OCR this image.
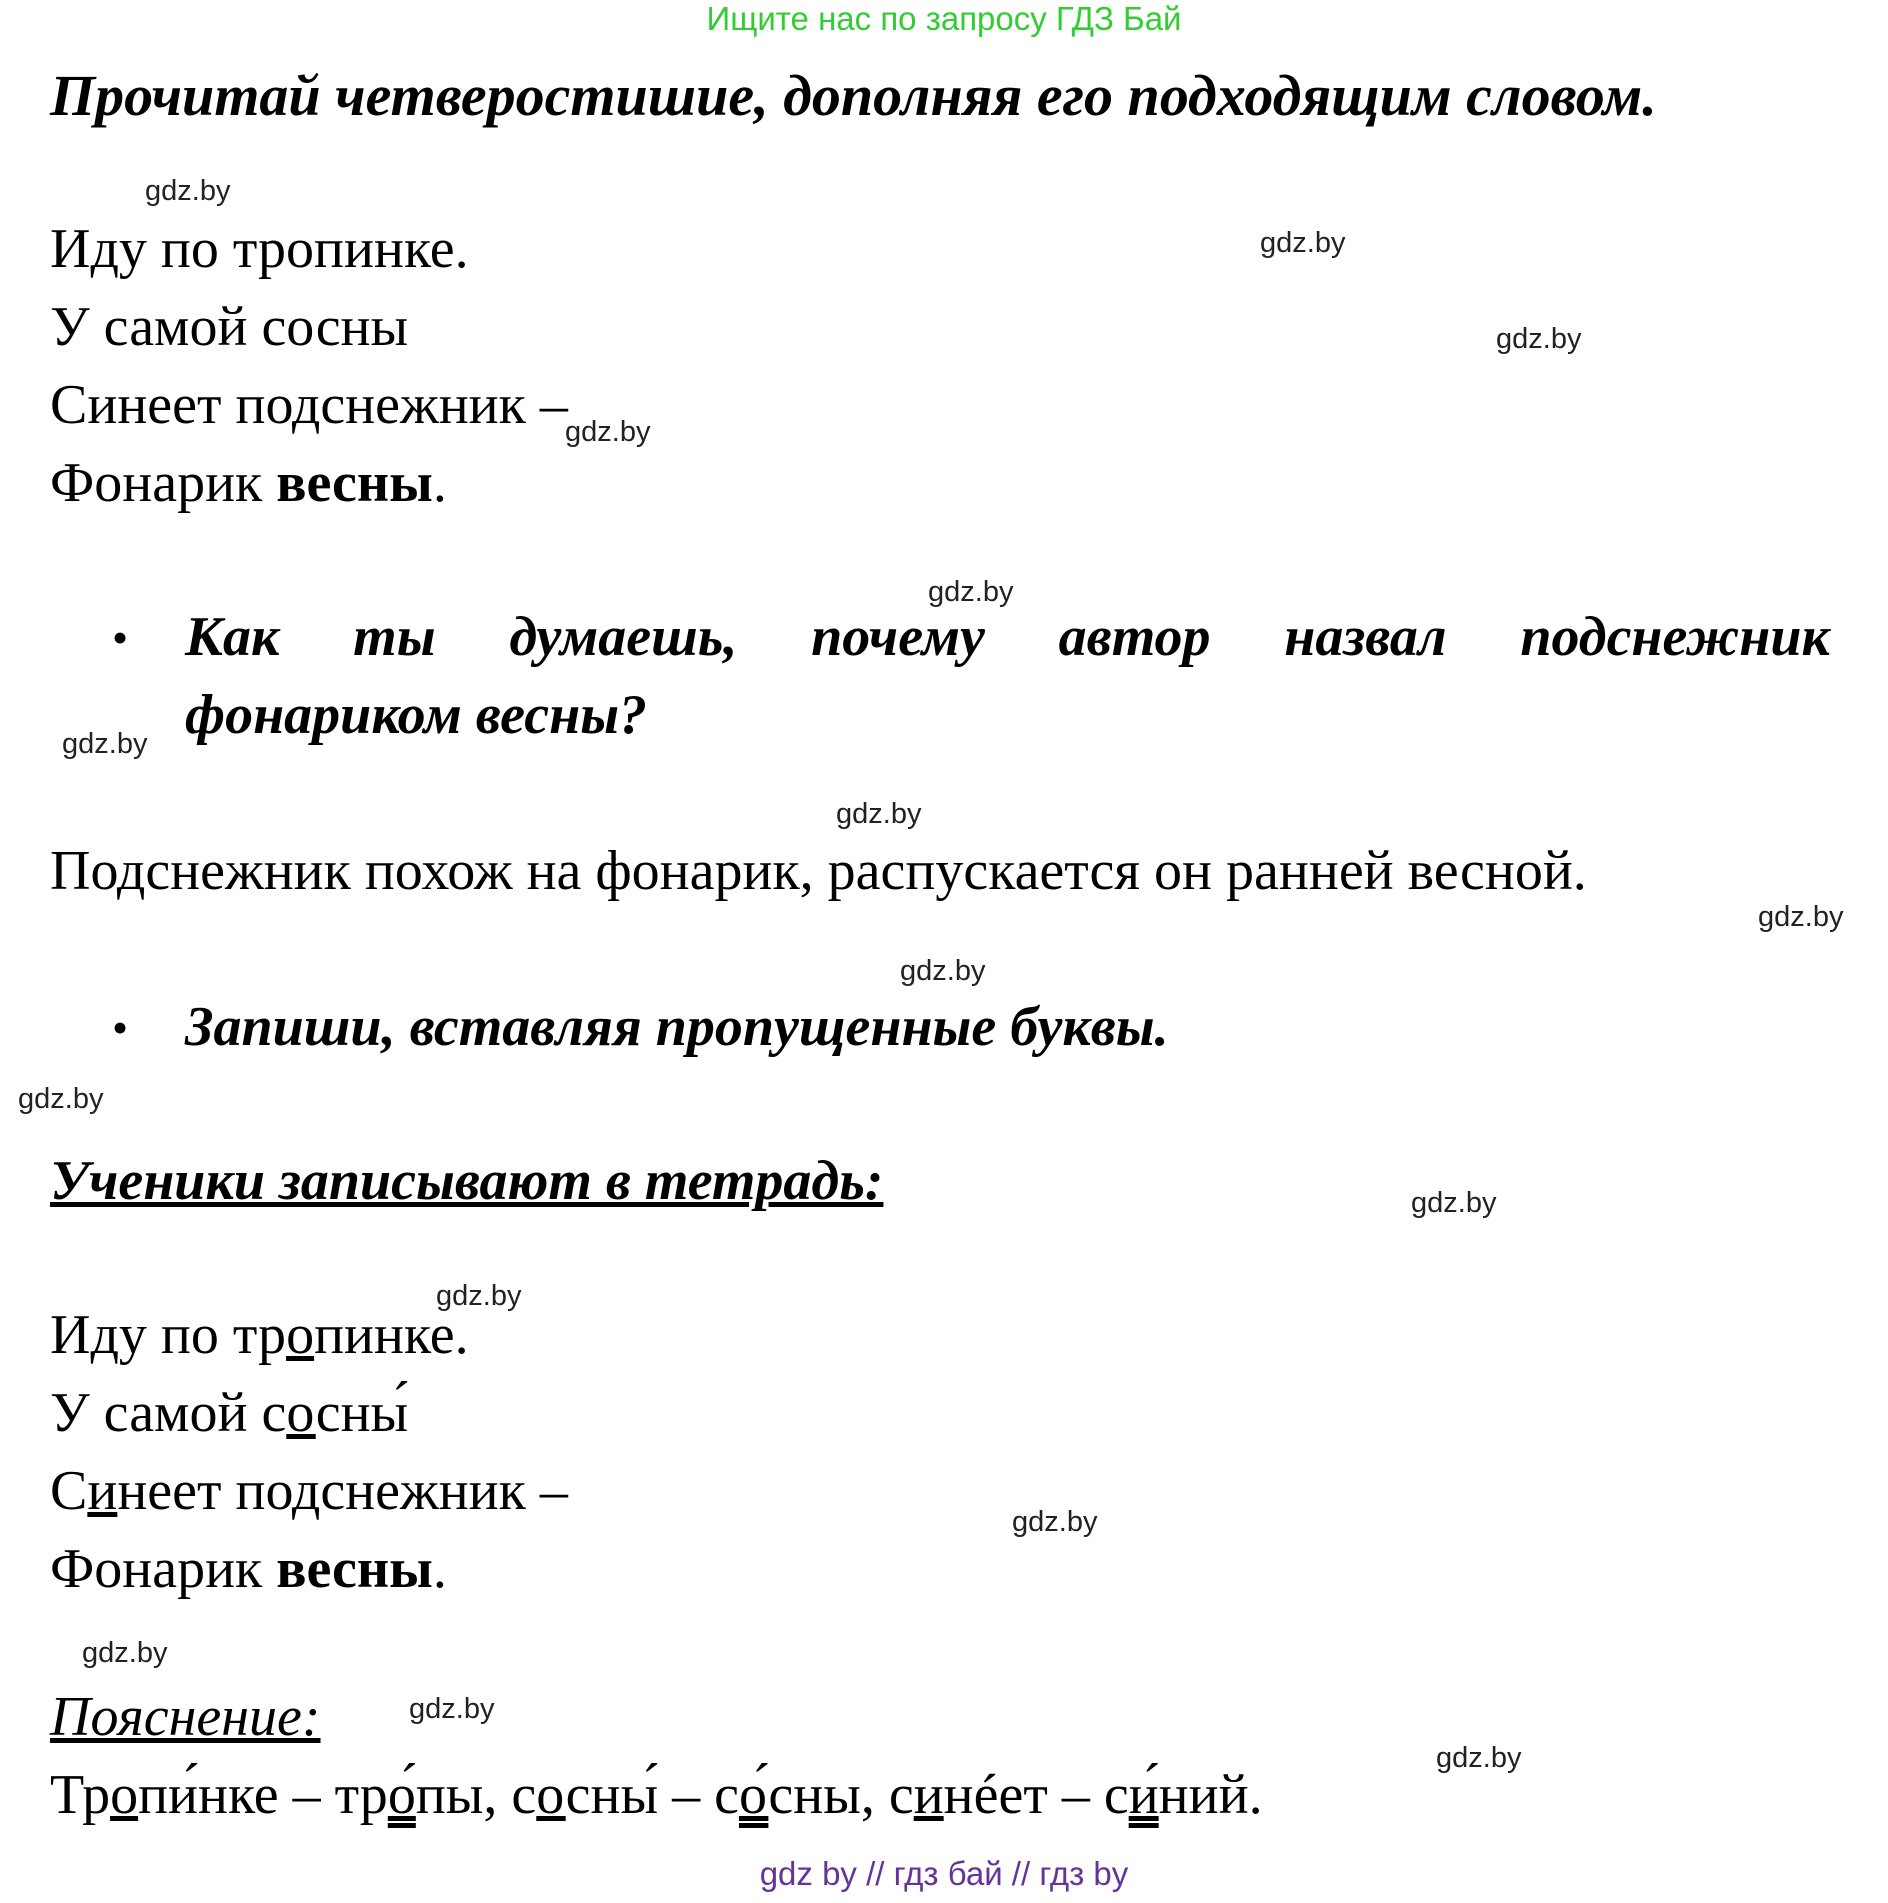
Ищите нас по запросу ГДЗ Бай
Прочитай четверостишие, дополняя его подходящим словом.
Иду по тропинке.
У самой сосны
Синеет подснежник –
Фонарик весны.
• Как ты думаешь, почему автор назвал подснежник
фонариком весны?
Подснежник похож на фонарик, распускается он ранней весной.
• Запиши, вставляя пропущенные буквы.
Ученики записывают в тетрадь:
Иду по тропинке.
У самой сосны́
Синеет подснежник –
Фонарик весны.
Пояснение:
Тропи́нке – тро́пы, сосны́ – со́сны, синéет – си́ний.
gdz.by
gdz.by
gdz.by
gdz.by
gdz.by
gdz.by
gdz.by
gdz.by
gdz.by
gdz.by
gdz.by
gdz.by
gdz.by
gdz.by
gdz.by
gdz.by
gdz by // гдз бай // гдз by
